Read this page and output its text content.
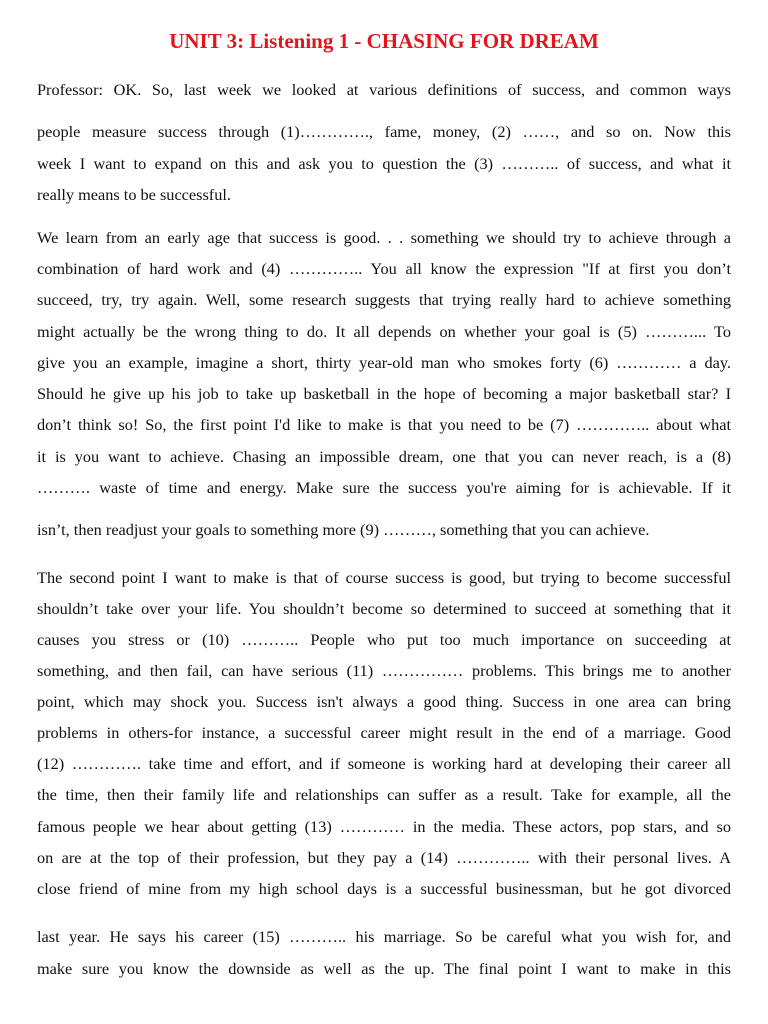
UNIT 3: Listening 1 - CHASING FOR DREAM
Professor: OK. So, last week we looked at various definitions of success, and common ways
people measure success through (1)…………., fame, money, (2) ……, and so on. Now this
week I want to expand on this and ask you to question the (3) ……….. of success, and what it
really means to be successful.
We learn from an early age that success is good. . . something we should try to achieve through a
combination of hard work and (4) ………….. You all know the expression "If at first you don’t
succeed, try, try again. Well, some research suggests that trying really hard to achieve something
might actually be the wrong thing to do. It all depends on whether your goal is (5) ………... To
give you an example, imagine a short, thirty year-old man who smokes forty (6) ………… a day.
Should he give up his job to take up basketball in the hope of becoming a major basketball star? I
don’t think so! So, the first point I'd like to make is that you need to be (7) ………….. about what
it is you want to achieve. Chasing an impossible dream, one that you can never reach, is a (8)
………. waste of time and energy. Make sure the success you're aiming for is achievable. If it
isn’t, then readjust your goals to something more (9) ………, something that you can achieve.
The second point I want to make is that of course success is good, but trying to become successful
shouldn’t take over your life. You shouldn’t become so determined to succeed at something that it
causes you stress or (10) ……….. People who put too much importance on succeeding at
something, and then fail, can have serious (11) …………… problems. This brings me to another
point, which may shock you. Success isn't always a good thing. Success in one area can bring
problems in others-for instance, a successful career might result in the end of a marriage. Good
(12) …………. take time and effort, and if someone is working hard at developing their career all
the time, then their family life and relationships can suffer as a result. Take for example, all the
famous people we hear about getting (13) ………… in the media. These actors, pop stars, and so
on are at the top of their profession, but they pay a (14) ………….. with their personal lives. A
close friend of mine from my high school days is a successful businessman, but he got divorced
last year. He says his career (15) ……….. his marriage. So be careful what you wish for, and
make sure you know the downside as well as the up. The final point I want to make in this
